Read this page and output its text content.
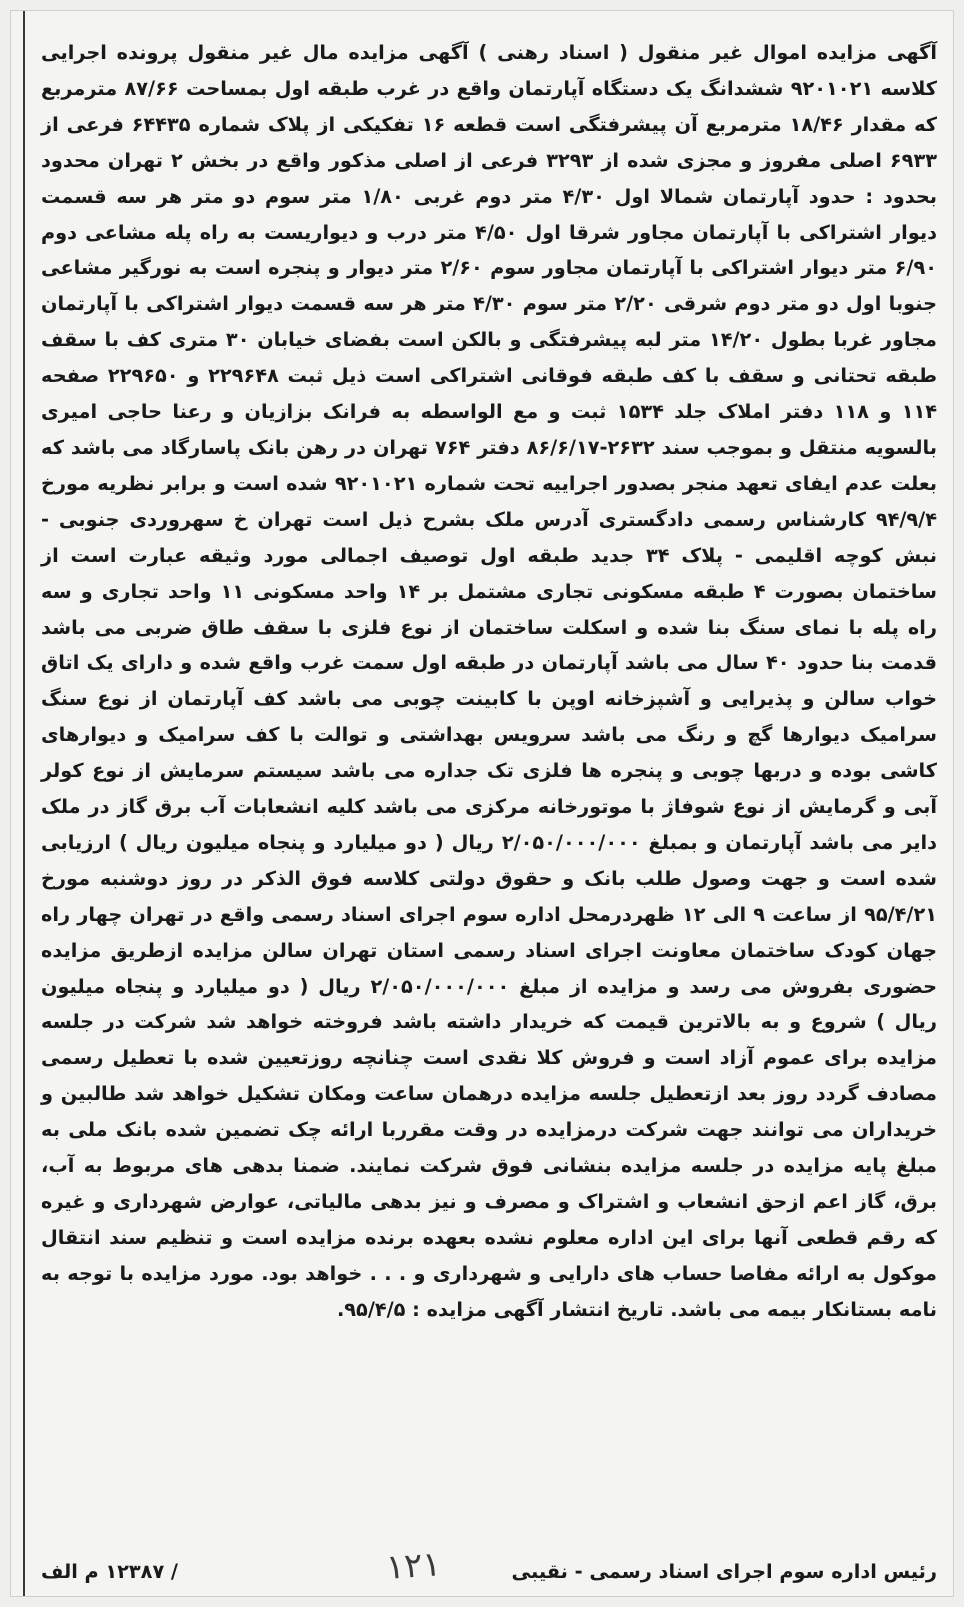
آگهی مزایده اموال غیر منقول ( اسناد رهنی ) آگهی مزایده مال غیر منقول پرونده اجرایی کلاسه ۹۲۰۱۰۲۱ ششدانگ یک دستگاه آپارتمان واقع در غرب طبقه اول بمساحت ۸۷/۶۶ مترمربع که مقدار ۱۸/۴۶ مترمربع آن پیشرفتگی است قطعه ۱۶ تفکیکی از پلاک شماره ۶۴۴۳۵ فرعی از ۶۹۳۳ اصلی مفروز و مجزی شده از ۳۲۹۳ فرعی از اصلی مذکور واقع در بخش ۲ تهران محدود بحدود : حدود آپارتمان شمالا اول ۴/۳۰ متر دوم غربی ۱/۸۰ متر سوم دو متر هر سه قسمت دیوار اشتراکی با آپارتمان مجاور شرقا اول ۴/۵۰ متر درب و دیواریست به راه پله مشاعی دوم ۶/۹۰ متر دیوار اشتراکی با آپارتمان مجاور سوم ۲/۶۰ متر دیوار و پنجره است به نورگیر مشاعی جنوبا اول دو متر دوم شرقی ۲/۲۰ متر سوم ۴/۳۰ متر هر سه قسمت دیوار اشتراکی با آپارتمان مجاور غربا بطول ۱۴/۲۰ متر لبه پیشرفتگی و بالکن است بفضای خیابان ۳۰ متری کف با سقف طبقه تحتانی و سقف با کف طبقه فوقانی اشتراکی است ذیل ثبت ۲۲۹۶۴۸ و ۲۲۹۶۵۰ صفحه ۱۱۴ و ۱۱۸ دفتر املاک جلد ۱۵۳۴ ثبت و مع الواسطه به فرانک بزازیان و رعنا حاجی امیری بالسویه منتقل و بموجب سند ۲۶۳۲-۸۶/۶/۱۷ دفتر ۷۶۴ تهران در رهن بانک پاسارگاد می باشد که بعلت عدم ایفای تعهد منجر بصدور اجراییه تحت شماره ۹۲۰۱۰۲۱ شده است و برابر نظریه مورخ ۹۴/۹/۴ کارشناس رسمی دادگستری آدرس ملک بشرح ذیل است تهران خ سهروردی جنوبی - نبش کوچه اقلیمی - پلاک ۳۴ جدید طبقه اول توصیف اجمالی مورد وثیقه عبارت است از ساختمان بصورت ۴ طبقه مسکونی تجاری مشتمل بر ۱۴ واحد مسکونی ۱۱ واحد تجاری و سه راه پله با نمای سنگ بنا شده و اسکلت ساختمان از نوع فلزی با سقف طاق ضربی می باشد قدمت بنا حدود ۴۰ سال می باشد آپارتمان در طبقه اول سمت غرب واقع شده و دارای یک اتاق خواب سالن و پذیرایی و آشپزخانه اوپن با کابینت چوبی می باشد کف آپارتمان از نوع سنگ سرامیک دیوارها گچ و رنگ می باشد سرویس بهداشتی و توالت با کف سرامیک و دیوارهای کاشی بوده و دربها چوبی و پنجره ها فلزی تک جداره می باشد سیستم سرمایش از نوع کولر آبی و گرمایش از نوع شوفاژ با موتورخانه مرکزی می باشد کلیه انشعابات آب برق گاز در ملک دایر می باشد آپارتمان و بمبلغ ۲/۰۵۰/۰۰۰/۰۰۰ ریال ( دو میلیارد و پنجاه میلیون ریال ) ارزیابی شده است و جهت وصول طلب بانک و حقوق دولتی کلاسه فوق الذکر در روز دوشنبه مورخ ۹۵/۴/۲۱ از ساعت ۹ الی ۱۲ ظهردرمحل اداره سوم اجرای اسناد رسمی واقع در تهران چهار راه جهان کودک ساختمان معاونت اجرای اسناد رسمی استان تهران سالن مزایده ازطریق مزایده حضوری بفروش می رسد و مزایده از مبلغ ۲/۰۵۰/۰۰۰/۰۰۰ ریال ( دو میلیارد و پنجاه میلیون ریال ) شروع و به بالاترین قیمت که خریدار داشته باشد فروخته خواهد شد شرکت در جلسه مزایده برای عموم آزاد است و فروش کلا نقدی است چنانچه روزتعیین شده با تعطیل رسمی مصادف گردد روز بعد ازتعطیل جلسه مزایده درهمان ساعت ومکان تشکیل خواهد شد طالبین و خریداران می توانند جهت شرکت درمزایده در وقت مقرربا ارائه چک تضمین شده بانک ملی به مبلغ پایه مزایده در جلسه مزایده بنشانی فوق شرکت نمایند. ضمنا بدهی های مربوط به آب، برق، گاز اعم ازحق انشعاب و اشتراک و مصرف و نیز بدهی مالیاتی، عوارض شهرداری و غیره که رقم قطعی آنها برای این اداره معلوم نشده بعهده برنده مزایده است و تنظیم سند انتقال موکول به ارائه مفاصا حساب های دارایی و شهرداری و . . . خواهد بود. مورد مزایده با توجه به نامه بستانکار بیمه می باشد. تاریخ انتشار آگهی مزایده : ۹۵/۴/۵.

رئیس اداره سوم اجرای اسناد رسمی - نقیبی
۱۲۱
/ ۱۲۳۸۷ م الف
